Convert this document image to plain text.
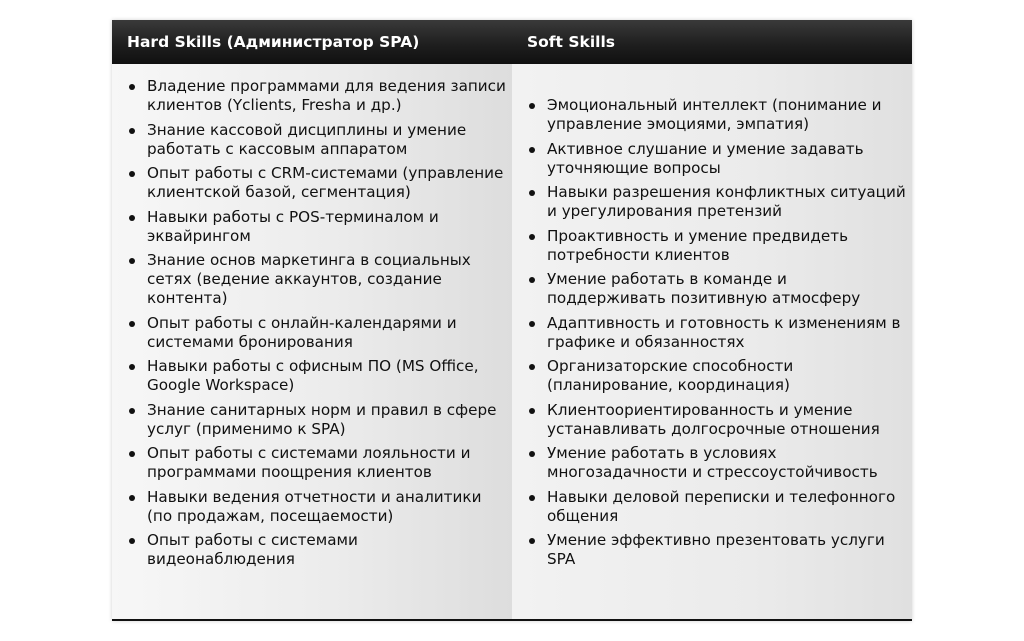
Hard Skills (Администратор SPA)	Soft Skills
Владение программами для ведения записи клиентов (Yclients, Fresha и др.)
Знание кассовой дисциплины и умение работать с кассовым аппаратом
Опыт работы с CRM-системами (управление клиентской базой, сегментация)
Навыки работы с POS-терминалом и эквайрингом
Знание основ маркетинга в социальных сетях (ведение аккаунтов, создание контента)
Опыт работы с онлайн-календарями и системами бронирования
Навыки работы с офисным ПО (MS Office, Google Workspace)
Знание санитарных норм и правил в сфере услуг (применимо к SPA)
Опыт работы с системами лояльности и программами поощрения клиентов
Навыки ведения отчетности и аналитики (по продажам, посещаемости)
Опыт работы с системами видеонаблюдения
Эмоциональный интеллект (понимание и управление эмоциями, эмпатия)
Активное слушание и умение задавать уточняющие вопросы
Навыки разрешения конфликтных ситуаций и урегулирования претензий
Проактивность и умение предвидеть потребности клиентов
Умение работать в команде и поддерживать позитивную атмосферу
Адаптивность и готовность к изменениям в графике и обязанностях
Организаторские способности (планирование, координация)
Клиентоориентированность и умение устанавливать долгосрочные отношения
Умение работать в условиях многозадачности и стрессоустойчивость
Навыки деловой переписки и телефонного общения
Умение эффективно презентовать услуги SPA
